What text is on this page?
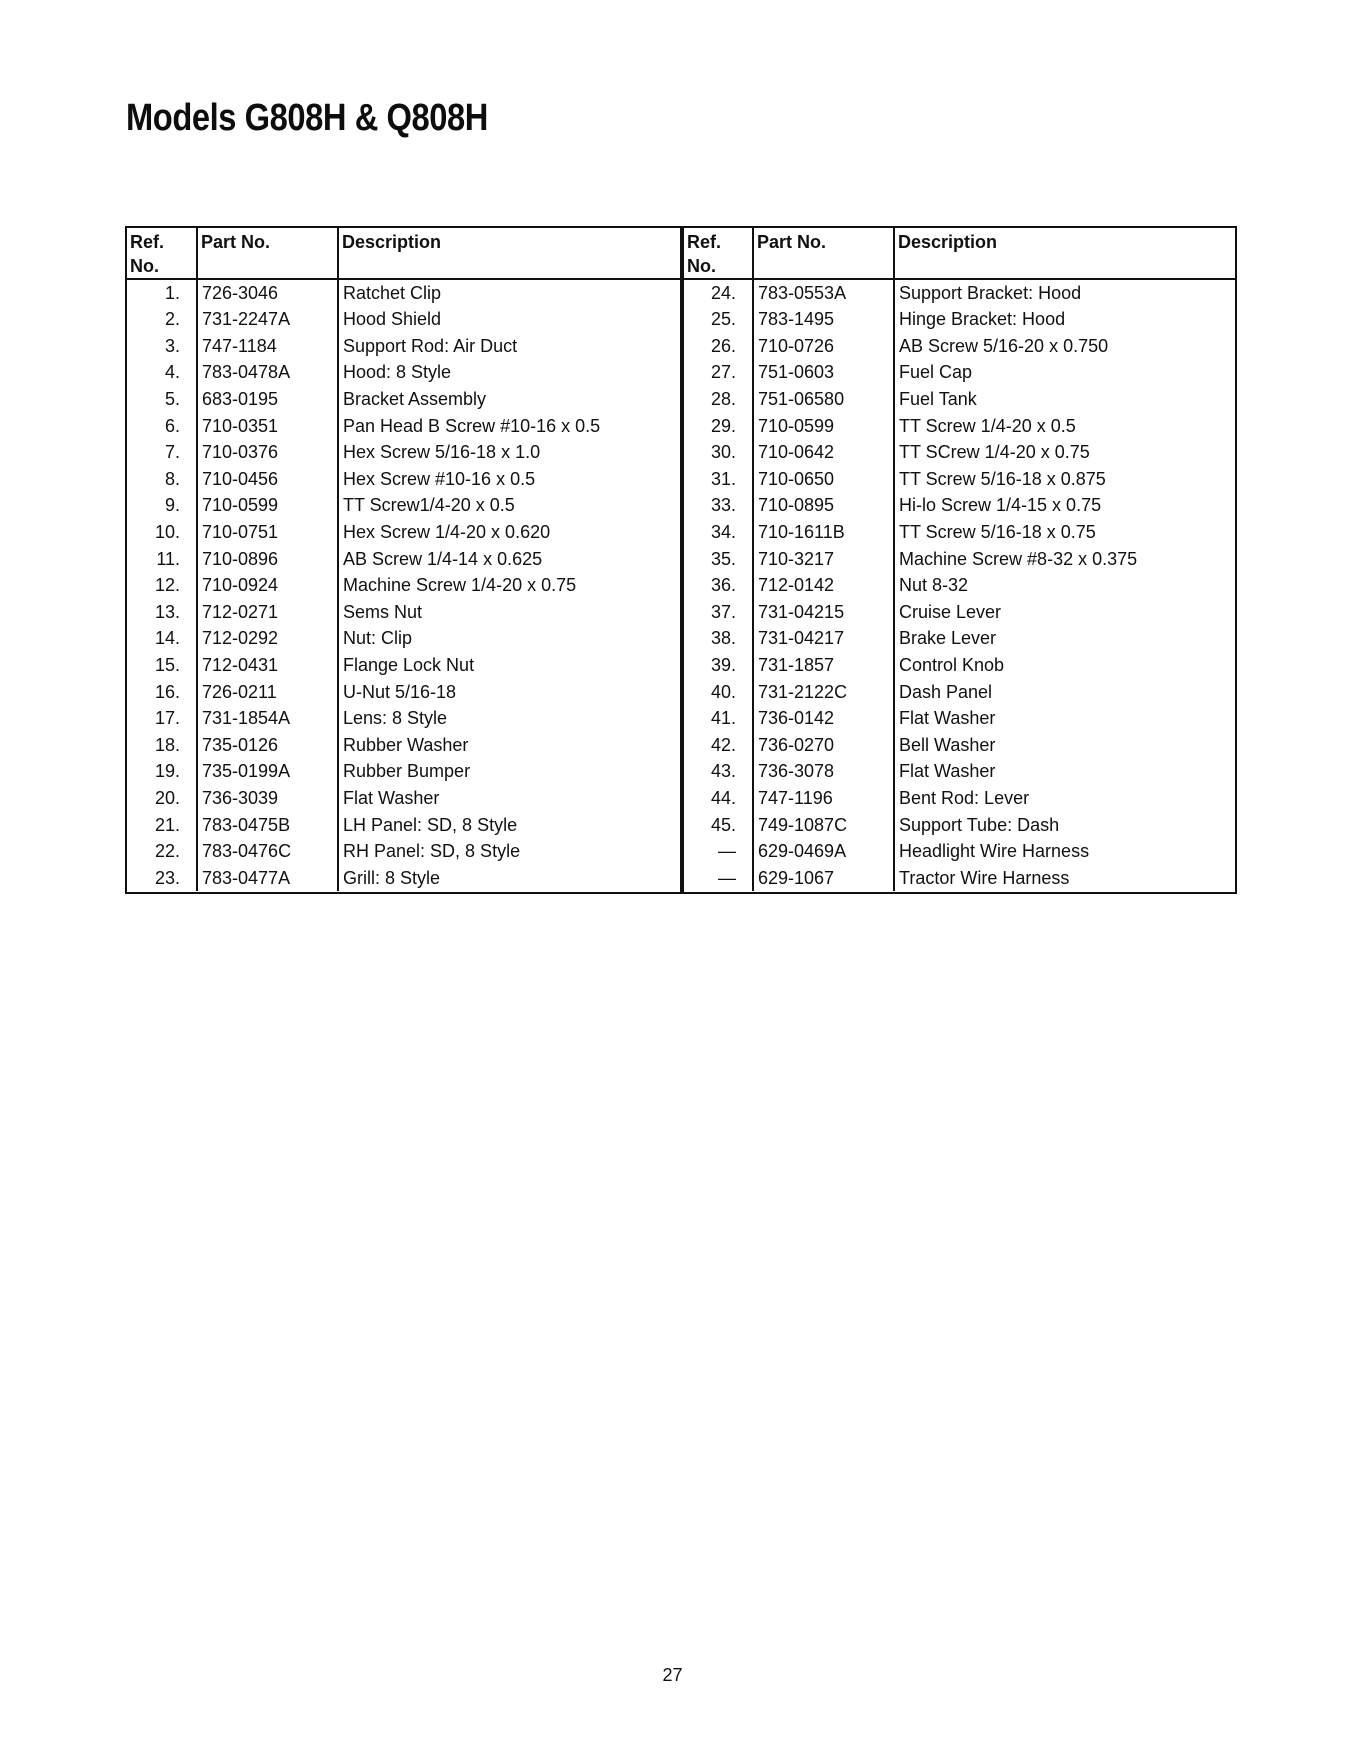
Models G808H & Q808H
Ref.
No.	Part No.	Description
1.	726-3046	Ratchet Clip
2.	731-2247A	Hood Shield
3.	747-1184	Support Rod: Air Duct
4.	783-0478A	Hood: 8 Style
5.	683-0195	Bracket Assembly
6.	710-0351	Pan Head B Screw #10-16 x 0.5
7.	710-0376	Hex Screw 5/16-18 x 1.0
8.	710-0456	Hex Screw #10-16 x 0.5
9.	710-0599	TT Screw1/4-20 x 0.5
10.	710-0751	Hex Screw 1/4-20 x 0.620
11.	710-0896	AB Screw 1/4-14 x 0.625
12.	710-0924	Machine Screw 1/4-20 x 0.75
13.	712-0271	Sems Nut
14.	712-0292	Nut: Clip
15.	712-0431	Flange Lock Nut
16.	726-0211	U-Nut 5/16-18
17.	731-1854A	Lens: 8 Style
18.	735-0126	Rubber Washer
19.	735-0199A	Rubber Bumper
20.	736-3039	Flat Washer
21.	783-0475B	LH Panel: SD, 8 Style
22.	783-0476C	RH Panel: SD, 8 Style
23.	783-0477A	Grill: 8 Style
Ref.
No.	Part No.	Description
24.	783-0553A	Support Bracket: Hood
25.	783-1495	Hinge Bracket: Hood
26.	710-0726	AB Screw 5/16-20 x 0.750
27.	751-0603	Fuel Cap
28.	751-06580	Fuel Tank
29.	710-0599	TT Screw 1/4-20 x 0.5
30.	710-0642	TT SCrew 1/4-20 x 0.75
31.	710-0650	TT Screw 5/16-18 x 0.875
33.	710-0895	Hi-lo Screw 1/4-15 x 0.75
34.	710-1611B	TT Screw 5/16-18 x 0.75
35.	710-3217	Machine Screw #8-32 x 0.375
36.	712-0142	Nut 8-32
37.	731-04215	Cruise Lever
38.	731-04217	Brake Lever
39.	731-1857	Control Knob
40.	731-2122C	Dash Panel
41.	736-0142	Flat Washer
42.	736-0270	Bell Washer
43.	736-3078	Flat Washer
44.	747-1196	Bent Rod: Lever
45.	749-1087C	Support Tube: Dash
—	629-0469A	Headlight Wire Harness
—	629-1067	Tractor Wire Harness
27
